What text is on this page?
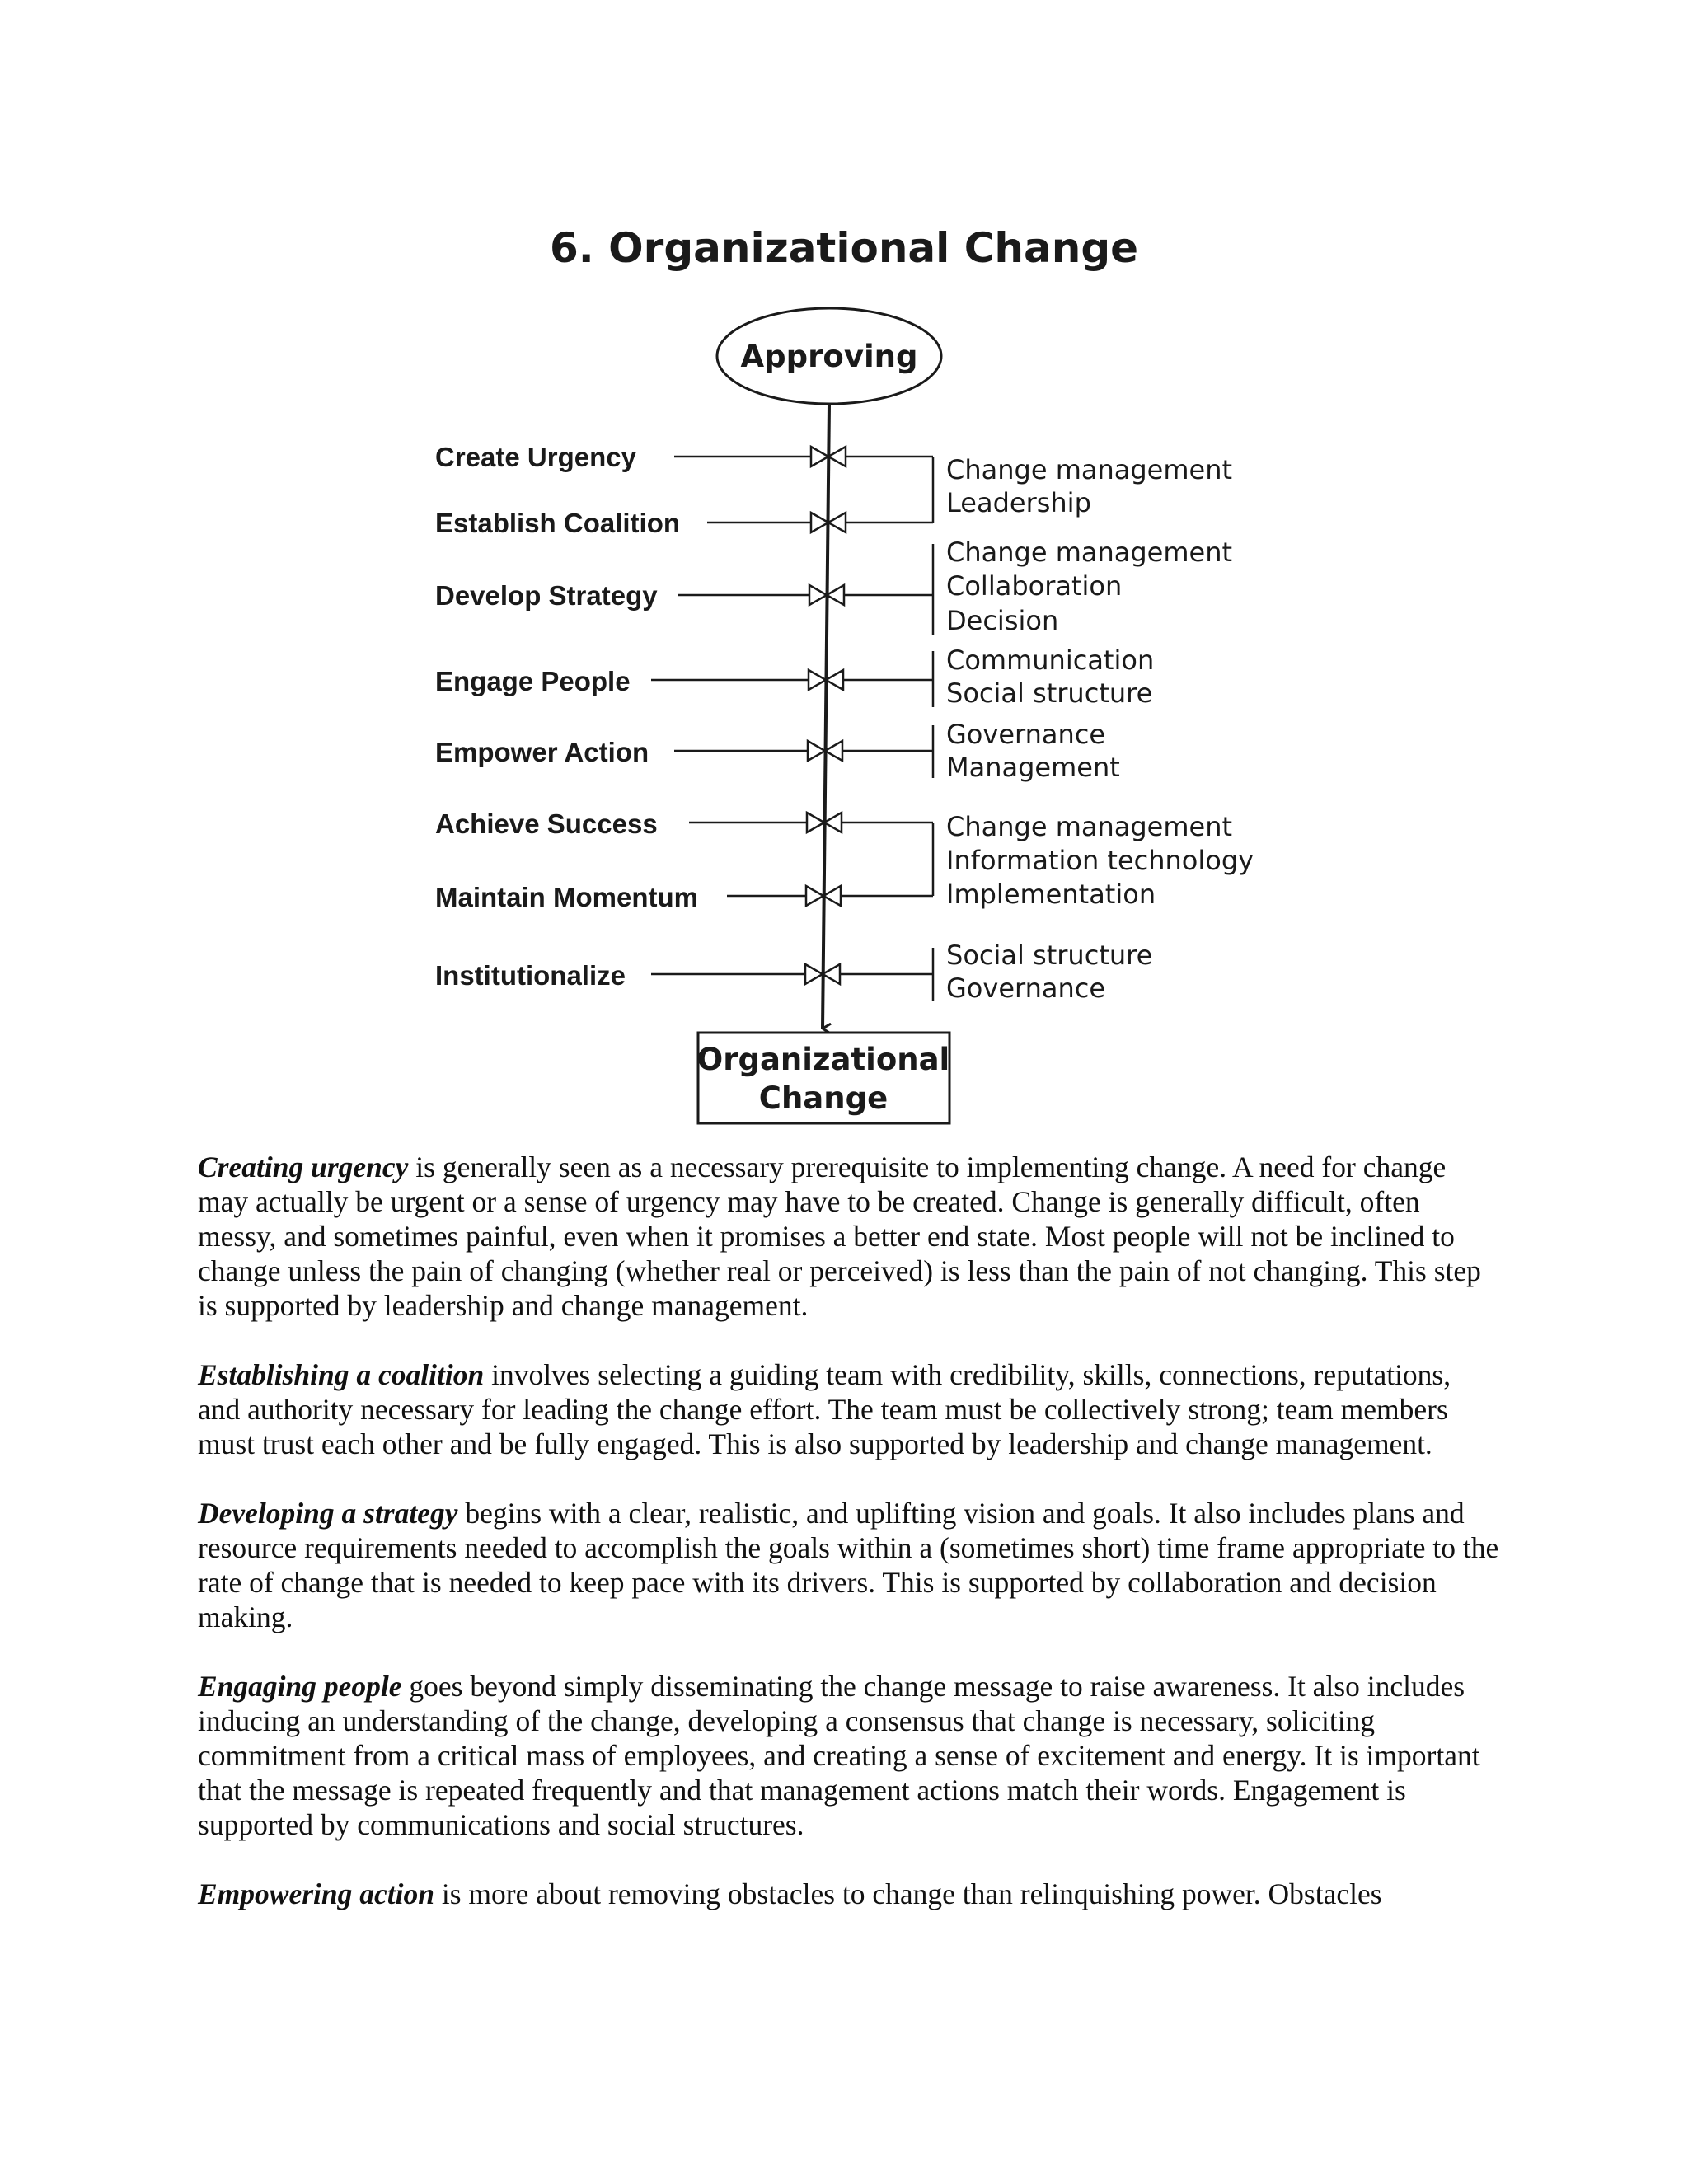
6. Organizational Change
Approving
Organizational
Change
Create Urgency
Establish Coalition
Develop Strategy
Engage People
Empower Action
Achieve Success
Maintain Momentum
Institutionalize
Change management
Leadership
Change management
Collaboration
Decision
Communication
Social structure
Governance
Management
Change management
Information technology
Implementation
Social structure
Governance

Creating urgency is generally seen as a necessary prerequisite to implementing change. A need for change may actually be urgent or a sense of urgency may have to be created. Change is generally difficult, often messy, and sometimes painful, even when it promises a better end state. Most people will not be inclined to change unless the pain of changing (whether real or perceived) is less than the pain of not changing. This step is supported by leadership and change management.

Establishing a coalition involves selecting a guiding team with credibility, skills, connections, reputations, and authority necessary for leading the change effort. The team must be collectively strong; team members must trust each other and be fully engaged. This is also supported by leadership and change management.

Developing a strategy begins with a clear, realistic, and uplifting vision and goals. It also includes plans and resource requirements needed to accomplish the goals within a (sometimes short) time frame appropriate to the rate of change that is needed to keep pace with its drivers. This is supported by collaboration and decision making.

Engaging people goes beyond simply disseminating the change message to raise awareness. It also includes inducing an understanding of the change, developing a consensus that change is necessary, soliciting commitment from a critical mass of employees, and creating a sense of excitement and energy. It is important that the message is repeated frequently and that management actions match their words. Engagement is supported by communications and social structures.

Empowering action is more about removing obstacles to change than relinquishing power. Obstacles
